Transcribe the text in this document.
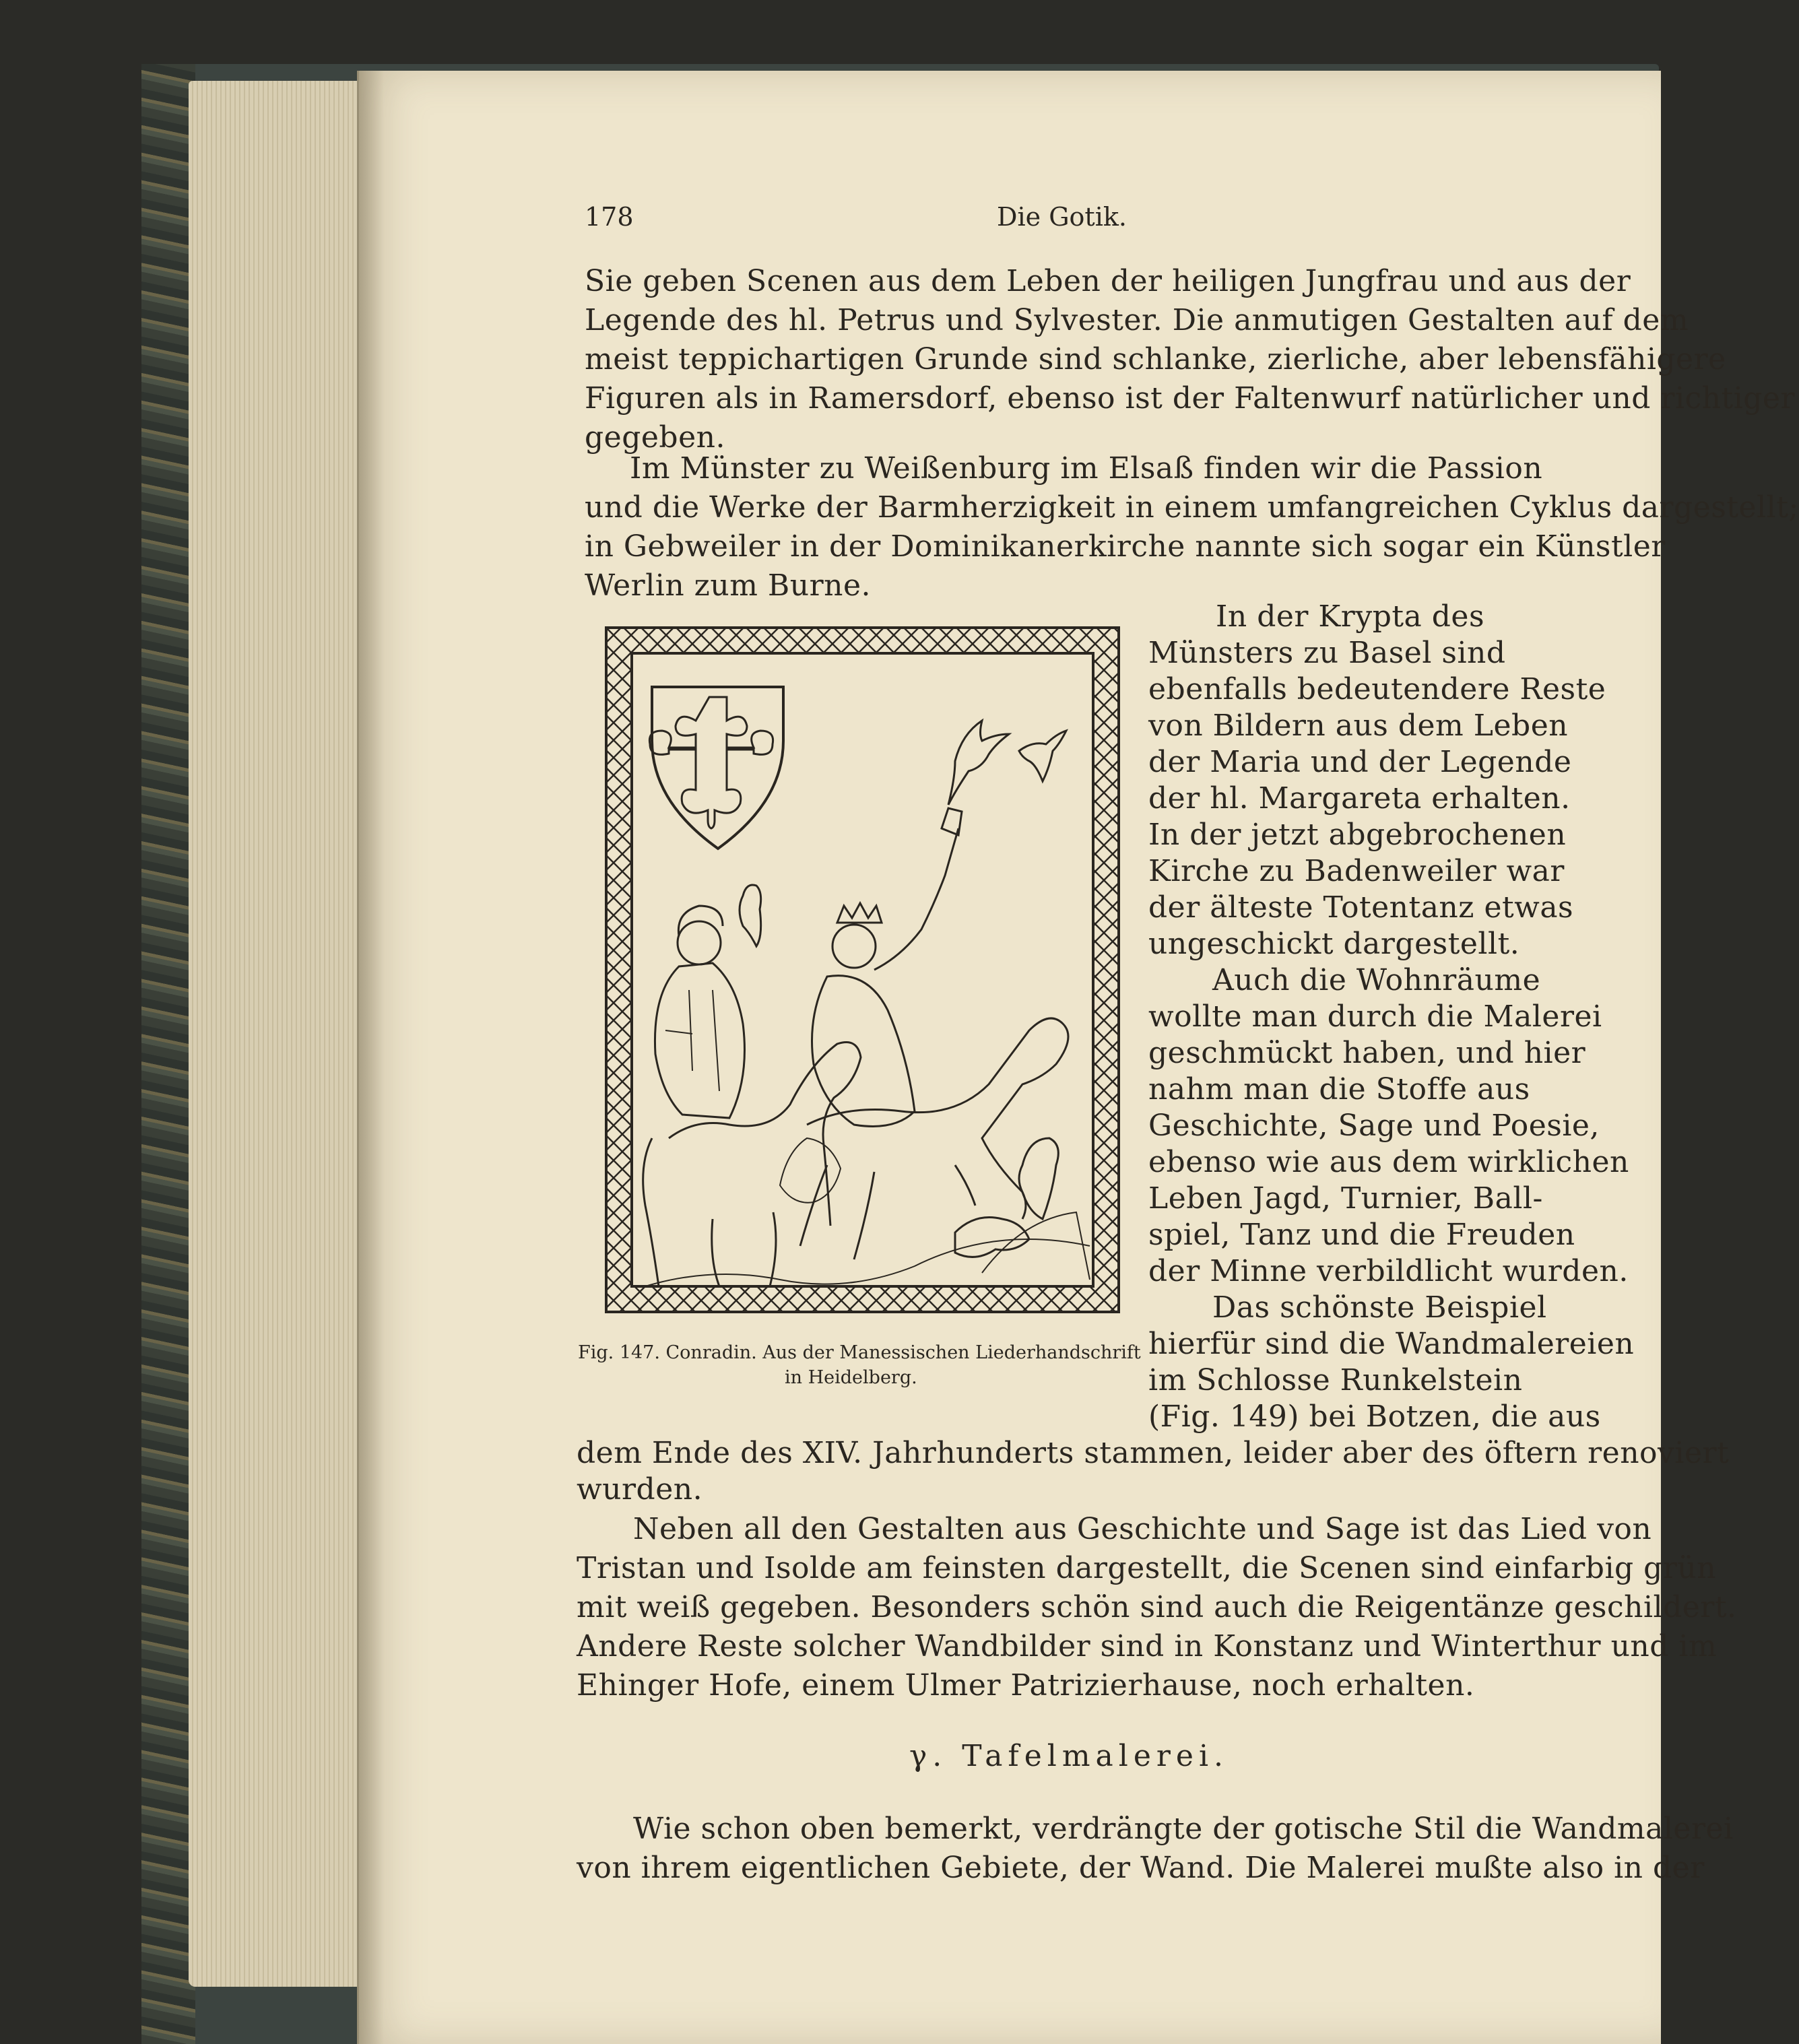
178	Die Gotik.
Sie geben Scenen aus dem Leben der heiligen Jungfrau und aus der
Legende des hl. Petrus und Sylvester. Die anmutigen Gestalten auf dem
meist teppichartigen Grunde sind schlanke, zierliche, aber lebensfähigere
Figuren als in Ramersdorf, ebenso ist der Faltenwurf natürlicher und richtiger
gegeben.
Im Münster zu Weißenburg im Elsaß finden wir die Passion
und die Werke der Barmherzigkeit in einem umfangreichen Cyklus dargestellt;
in Gebweiler in der Dominikanerkirche nannte sich sogar ein Künstler
Werlin zum Burne.
In der Krypta des
Münsters zu Basel sind
ebenfalls bedeutendere Reste
von Bildern aus dem Leben
der Maria und der Legende
der hl. Margareta erhalten.
In der jetzt abgebrochenen
Kirche zu Badenweiler war
der älteste Totentanz etwas
ungeschickt dargestellt.
Auch die Wohnräume
wollte man durch die Malerei
geschmückt haben, und hier
nahm man die Stoffe aus
Geschichte, Sage und Poesie,
ebenso wie aus dem wirklichen
Leben Jagd, Turnier, Ball-
spiel, Tanz und die Freuden
der Minne verbildlicht wurden.
Das schönste Beispiel
hierfür sind die Wandmalereien
im Schlosse Runkelstein
(Fig. 149) bei Botzen, die aus
Fig. 147. Conradin. Aus der Manessischen Liederhandschrift
in Heidelberg.
dem Ende des XIV. Jahrhunderts stammen, leider aber des öftern renoviert
wurden.
Neben all den Gestalten aus Geschichte und Sage ist das Lied von
Tristan und Isolde am feinsten dargestellt, die Scenen sind einfarbig grün
mit weiß gegeben. Besonders schön sind auch die Reigentänze geschildert.
Andere Reste solcher Wandbilder sind in Konstanz und Winterthur und im
Ehinger Hofe, einem Ulmer Patrizierhause, noch erhalten.
γ. Tafelmalerei.
Wie schon oben bemerkt, verdrängte der gotische Stil die Wandmalerei
von ihrem eigentlichen Gebiete, der Wand. Die Malerei mußte also in der
